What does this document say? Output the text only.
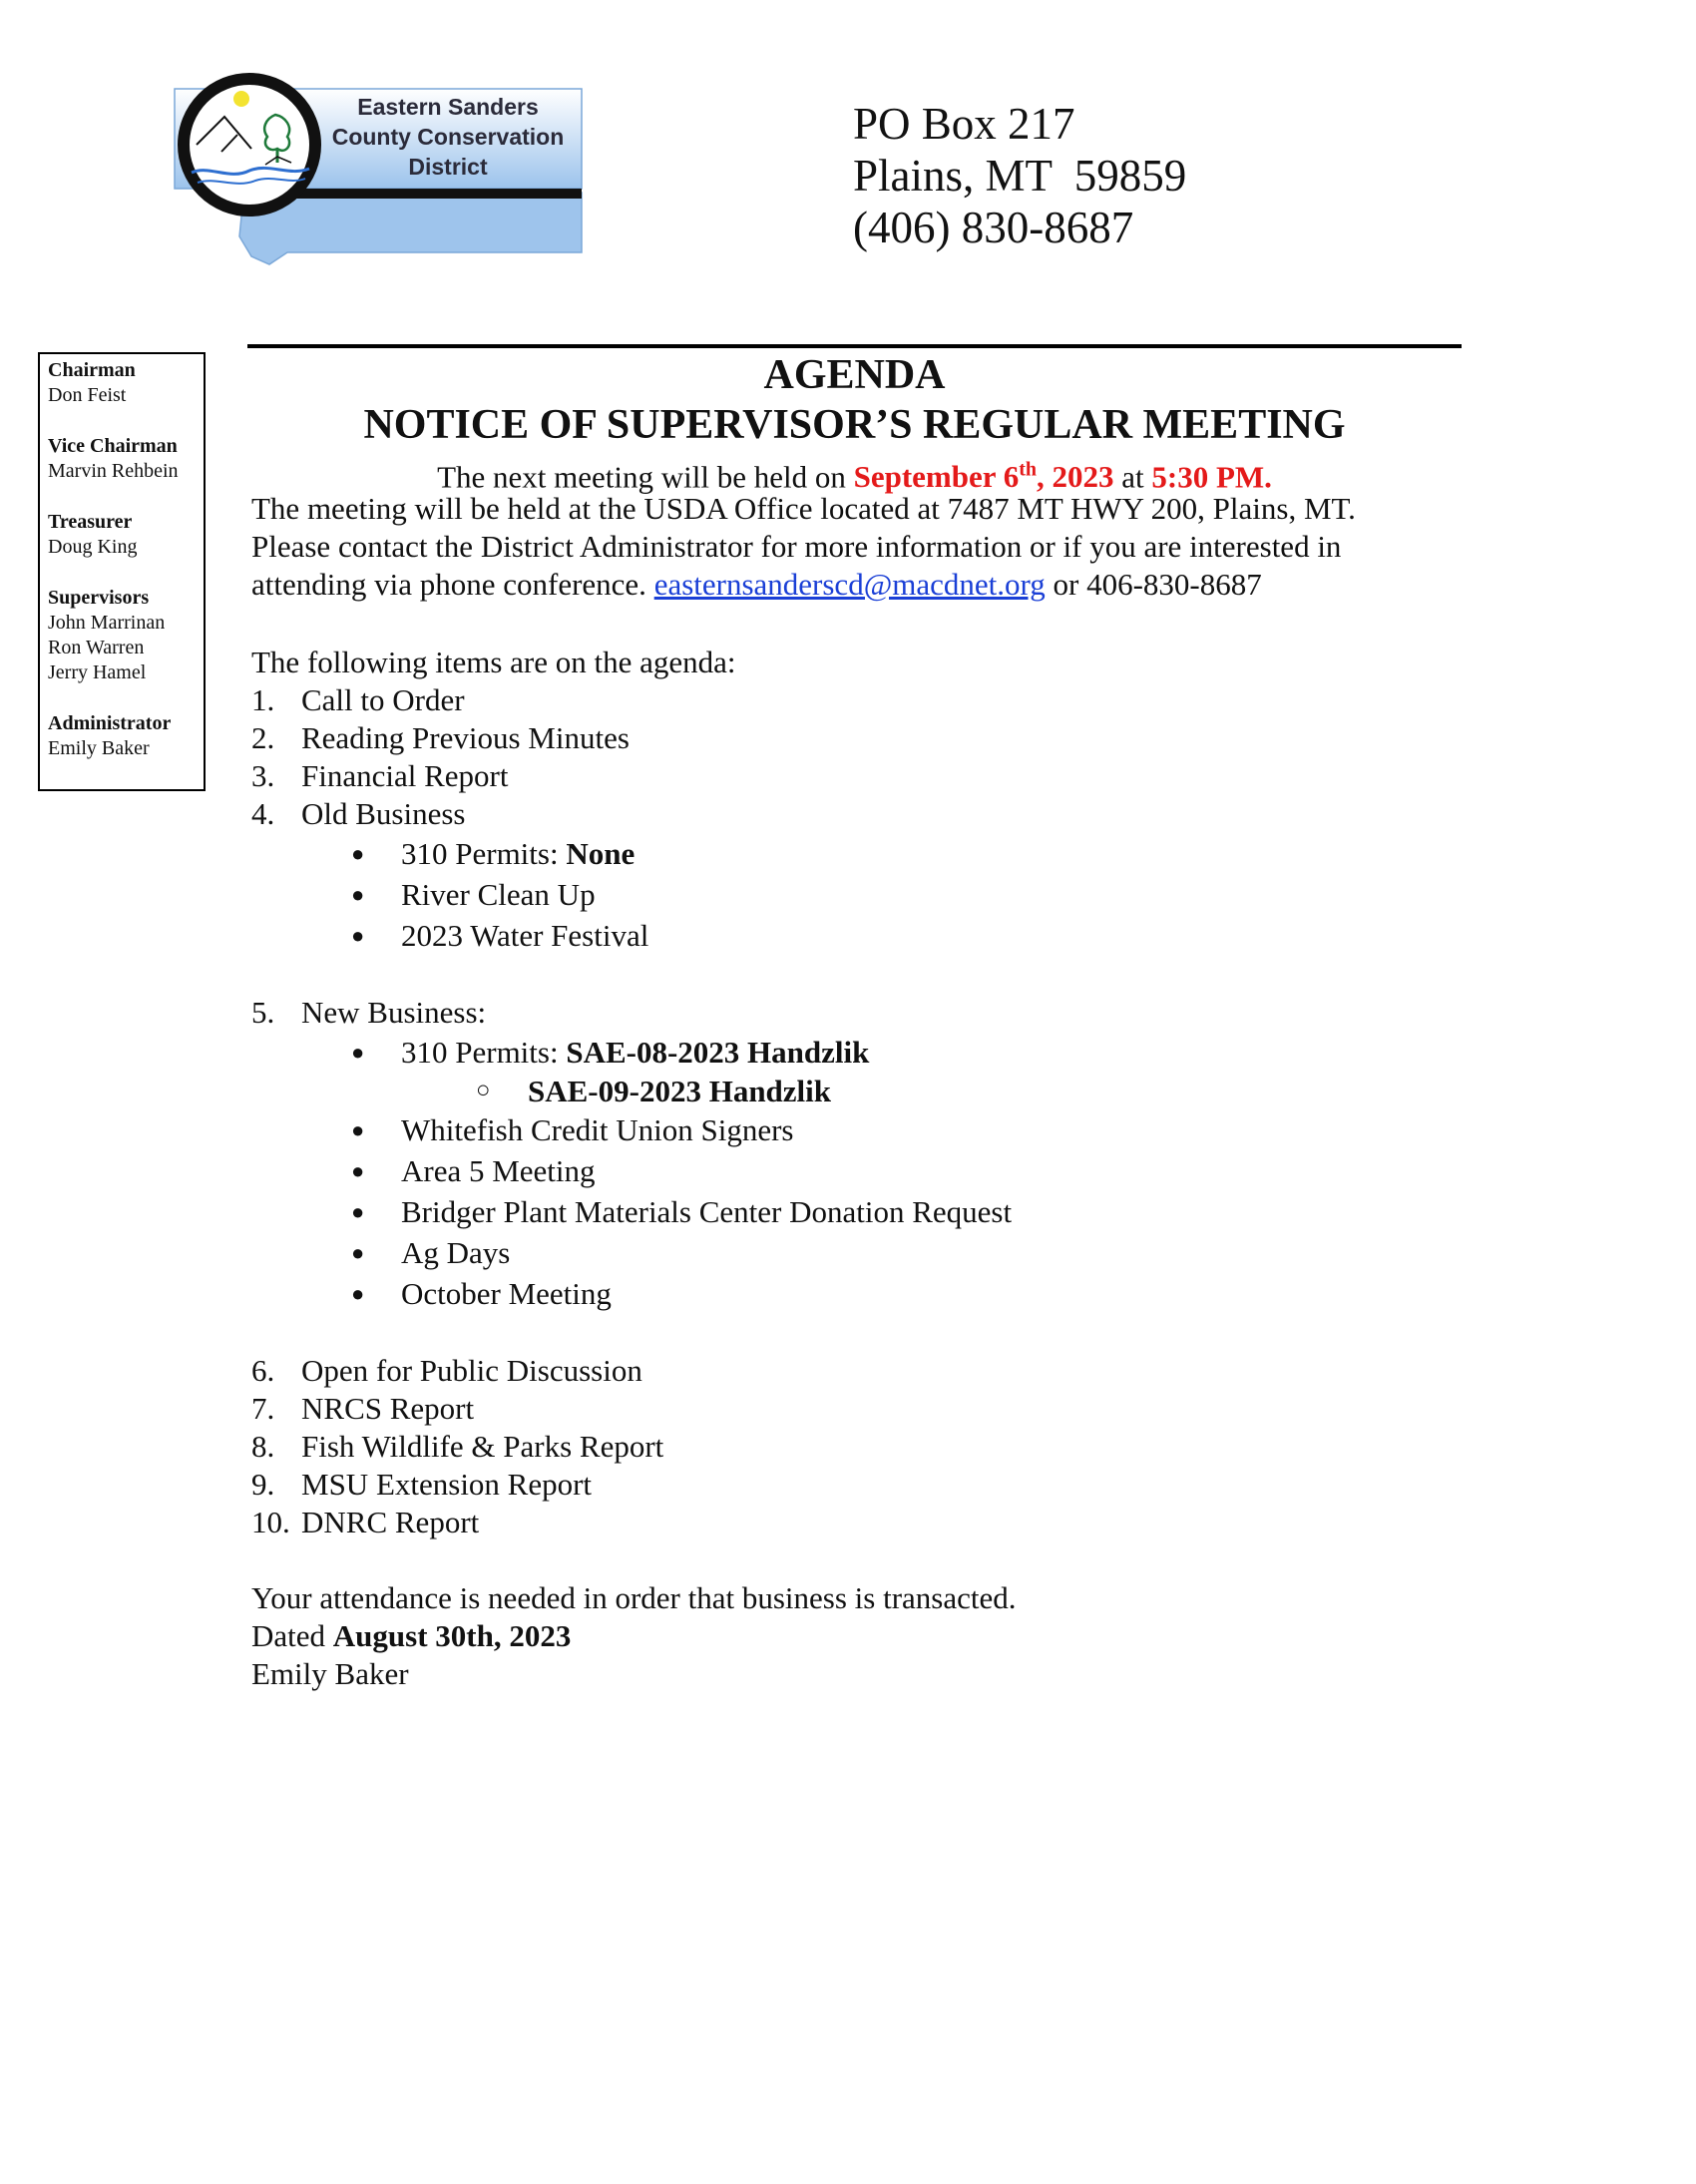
Eastern Sanders
County Conservation
District
PO Box 217
Plains, MT  59859
(406) 830-8687
Chairman
Don Feist
Vice Chairman
Marvin Rehbein
Treasurer
Doug King
Supervisors
John Marrinan
Ron Warren
Jerry Hamel
Administrator
Emily Baker
AGENDA
NOTICE OF SUPERVISOR’S REGULAR MEETING
The next meeting will be held on September 6th, 2023 at 5:30 PM.

The meeting will be held at the USDA Office located at 7487 MT HWY 200, Plains, MT.

Please contact the District Administrator for more information or if you are interested in

attending via phone conference. easternsanderscd@macdnet.org or 406-830-8687

The following items are on the agenda:

1. Call to Order
2. Reading Previous Minutes
3. Financial Report
4. Old Business
●	310 Permits: None
●	River Clean Up
●	2023 Water Festival
5. New Business:
●	310 Permits: SAE-08-2023 Handzlik
○	SAE-09-2023 Handzlik
●	Whitefish Credit Union Signers
●	Area 5 Meeting
●	Bridger Plant Materials Center Donation Request
●	Ag Days
●	October Meeting
6. Open for Public Discussion
7. NRCS Report
8. Fish Wildlife & Parks Report
9. MSU Extension Report
10. DNRC Report

Your attendance is needed in order that business is transacted.

Dated August 30th, 2023

Emily Baker
